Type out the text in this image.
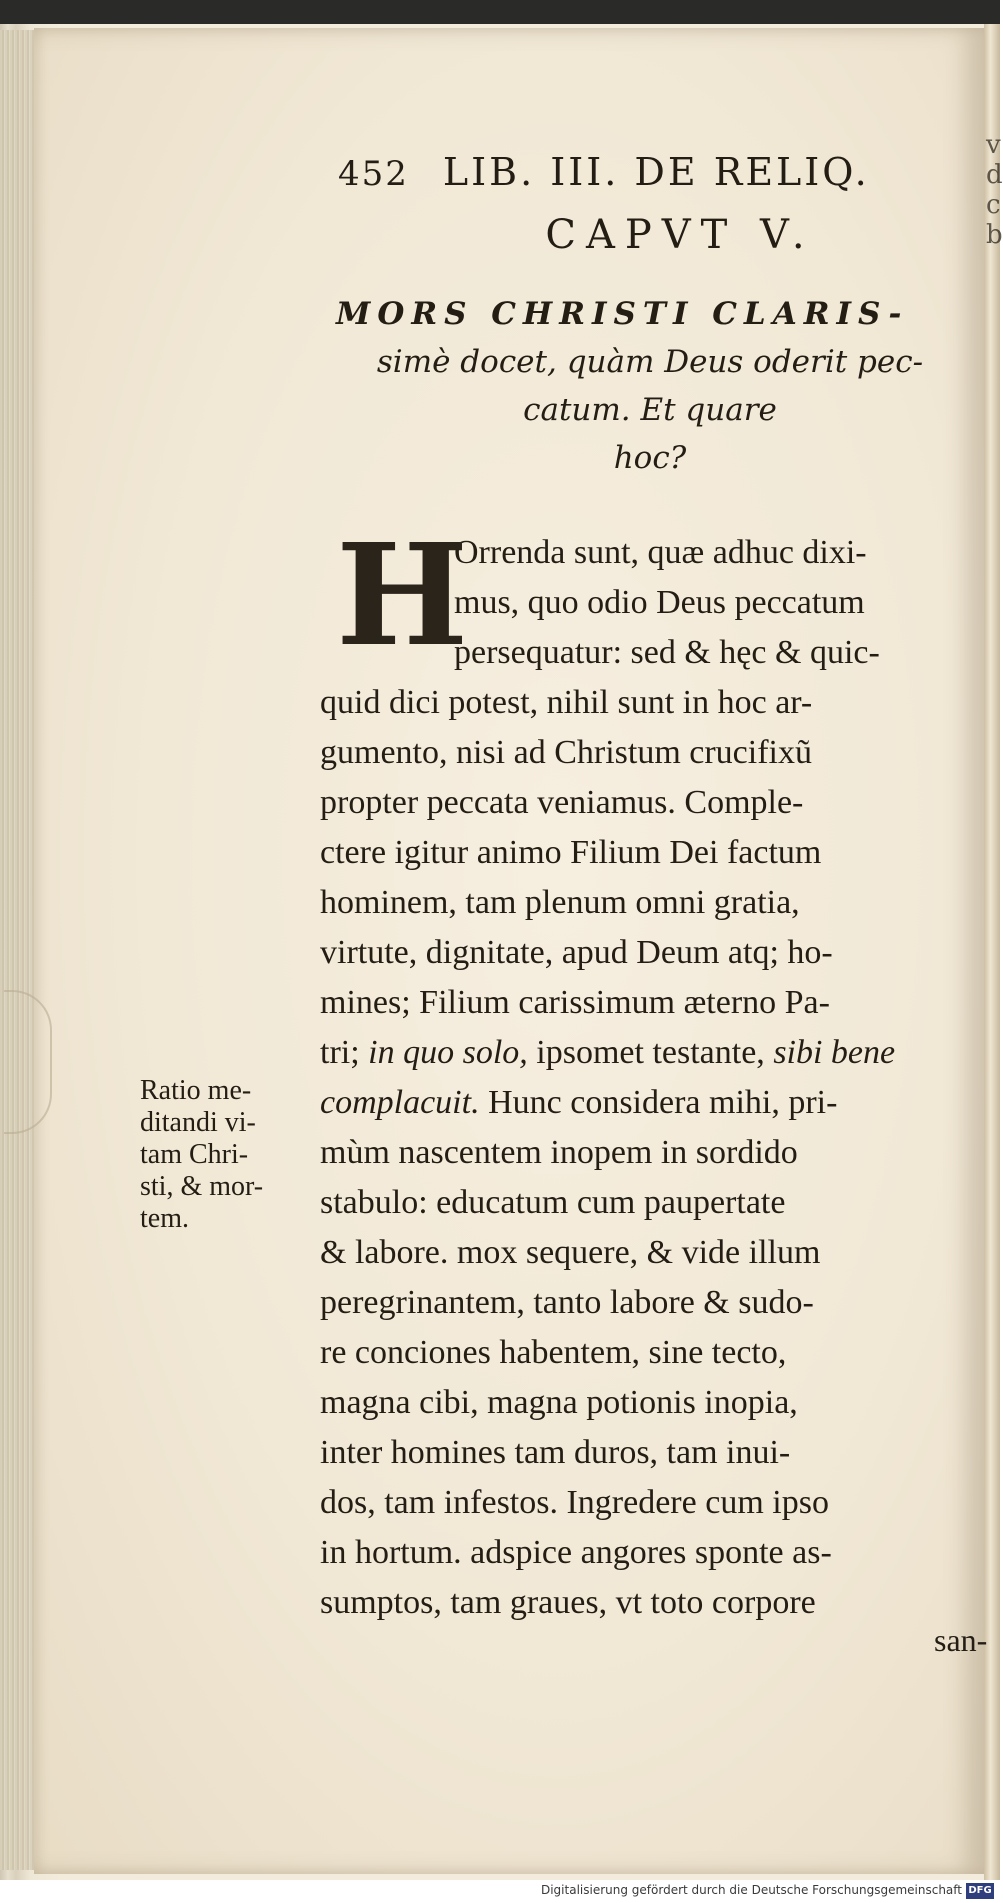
v
d
c
b
452 LIB. III. DE RELIQ.
CAPVT V.
MORS CHRISTI CLARIS-
simè docet, quàm Deus oderit pec-
catum. Et quare
hoc?
H
Orrenda sunt, quæ adhuc dixi-
mus, quo odio Deus peccatum
persequatur: sed & hęc & quic-
quid dici potest, nihil sunt in hoc ar-
gumento, nisi ad Christum crucifixũ
propter peccata veniamus. Comple-
ctere igitur animo Filium Dei factum
hominem, tam plenum omni gratia,
virtute, dignitate, apud Deum atq; ho-
mines; Filium carissimum æterno Pa-
tri; in quo solo, ipsomet testante, sibi bene
complacuit. Hunc considera mihi, pri-
mùm nascentem inopem in sordido
stabulo: educatum cum paupertate
& labore. mox sequere, & vide illum
peregrinantem, tanto labore & sudo-
re conciones habentem, sine tecto,
magna cibi, magna potionis inopia,
inter homines tam duros, tam inui-
dos, tam infestos. Ingredere cum ipso
in hortum. adspice angores sponte as-
sumptos, tam graues, vt toto corpore
Ratio me-
ditandi vi-
tam Chri-
sti, & mor-
tem.
san-
Digitalisierung gefördert durch die Deutsche Forschungsgemeinschaft DFG
